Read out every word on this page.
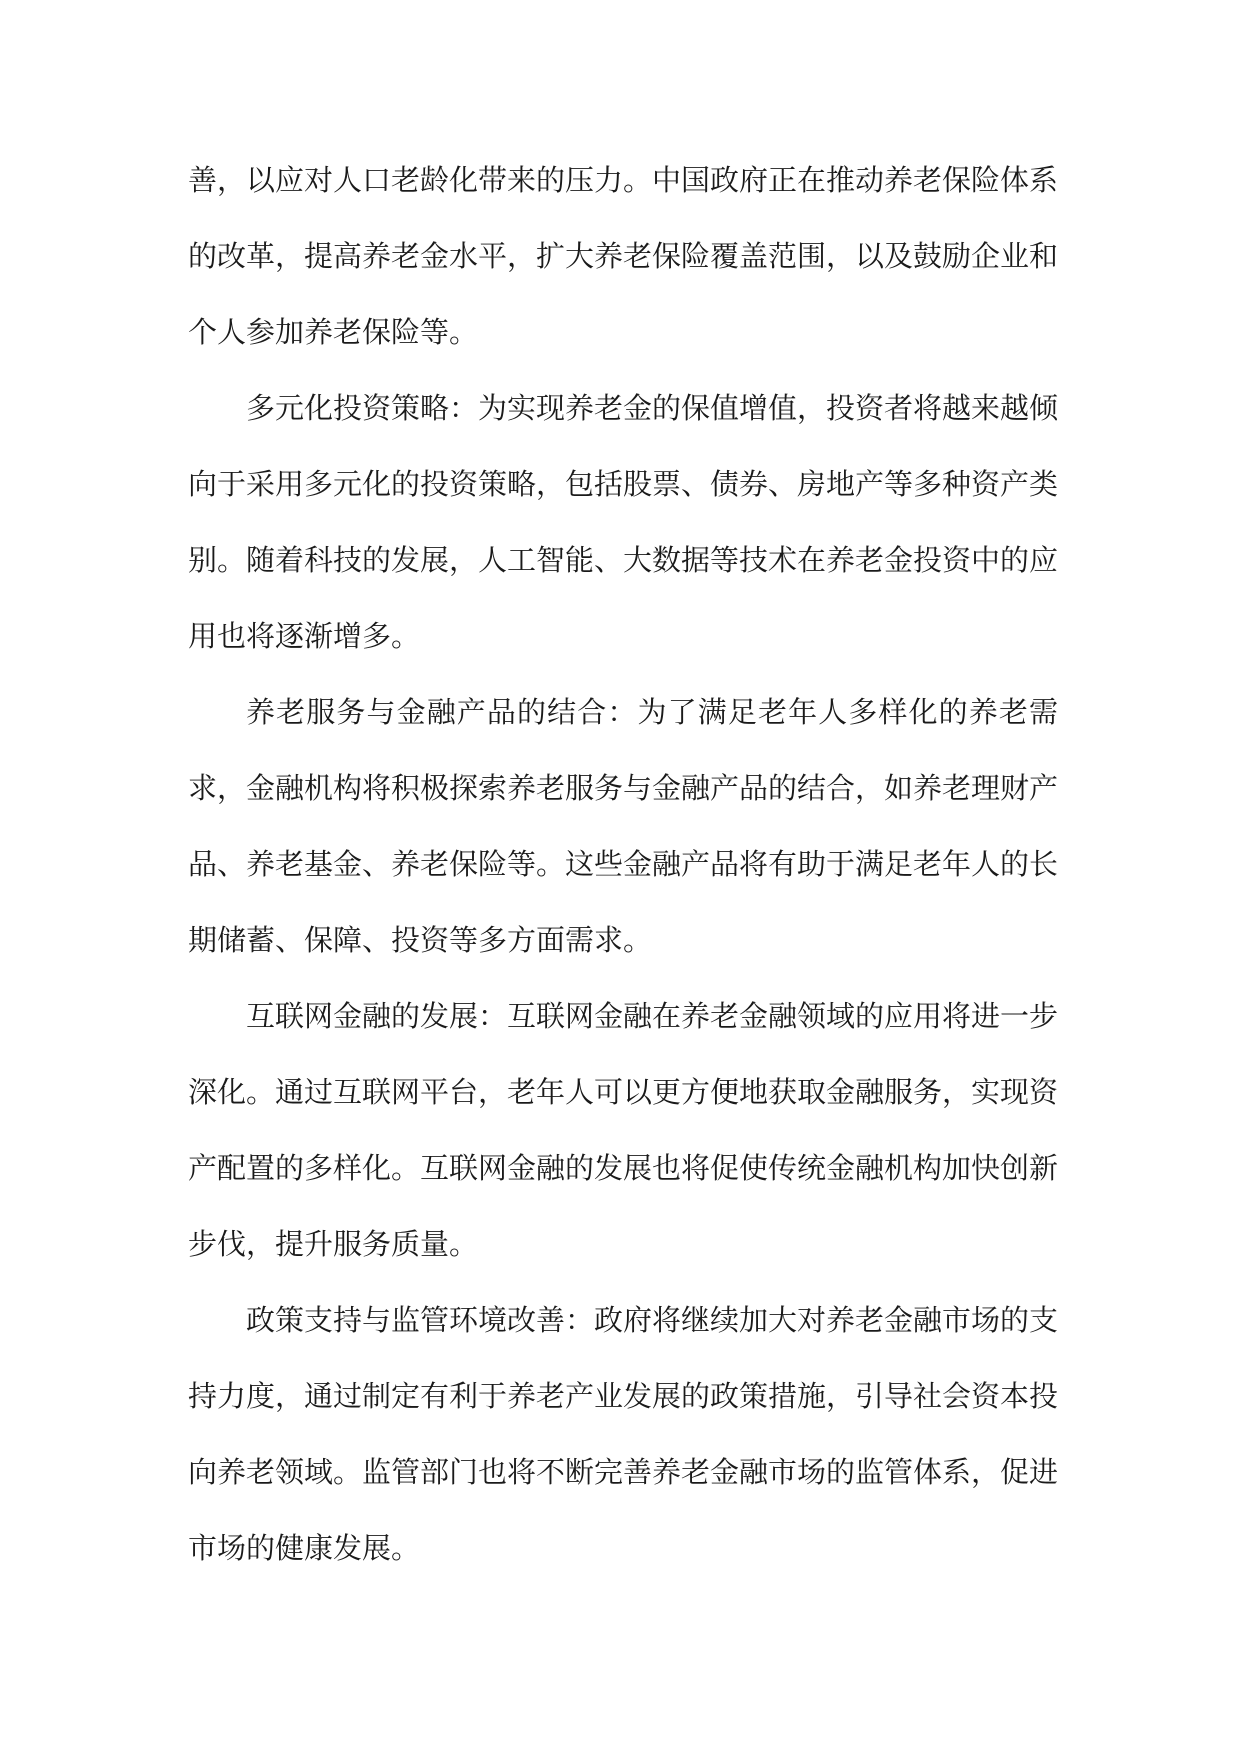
善，以应对人口老龄化带来的压力。中国政府正在推动养老保险体系的改革，提高养老金水平，扩大养老保险覆盖范围，以及鼓励企业和个人参加养老保险等。

多元化投资策略：为实现养老金的保值增值，投资者将越来越倾向于采用多元化的投资策略，包括股票、债券、房地产等多种资产类别。随着科技的发展，人工智能、大数据等技术在养老金投资中的应用也将逐渐增多。

养老服务与金融产品的结合：为了满足老年人多样化的养老需求，金融机构将积极探索养老服务与金融产品的结合，如养老理财产品、养老基金、养老保险等。这些金融产品将有助于满足老年人的长期储蓄、保障、投资等多方面需求。

互联网金融的发展：互联网金融在养老金融领域的应用将进一步深化。通过互联网平台，老年人可以更方便地获取金融服务，实现资产配置的多样化。互联网金融的发展也将促使传统金融机构加快创新步伐，提升服务质量。

政策支持与监管环境改善：政府将继续加大对养老金融市场的支持力度，通过制定有利于养老产业发展的政策措施，引导社会资本投向养老领域。监管部门也将不断完善养老金融市场的监管体系，促进市场的健康发展。
